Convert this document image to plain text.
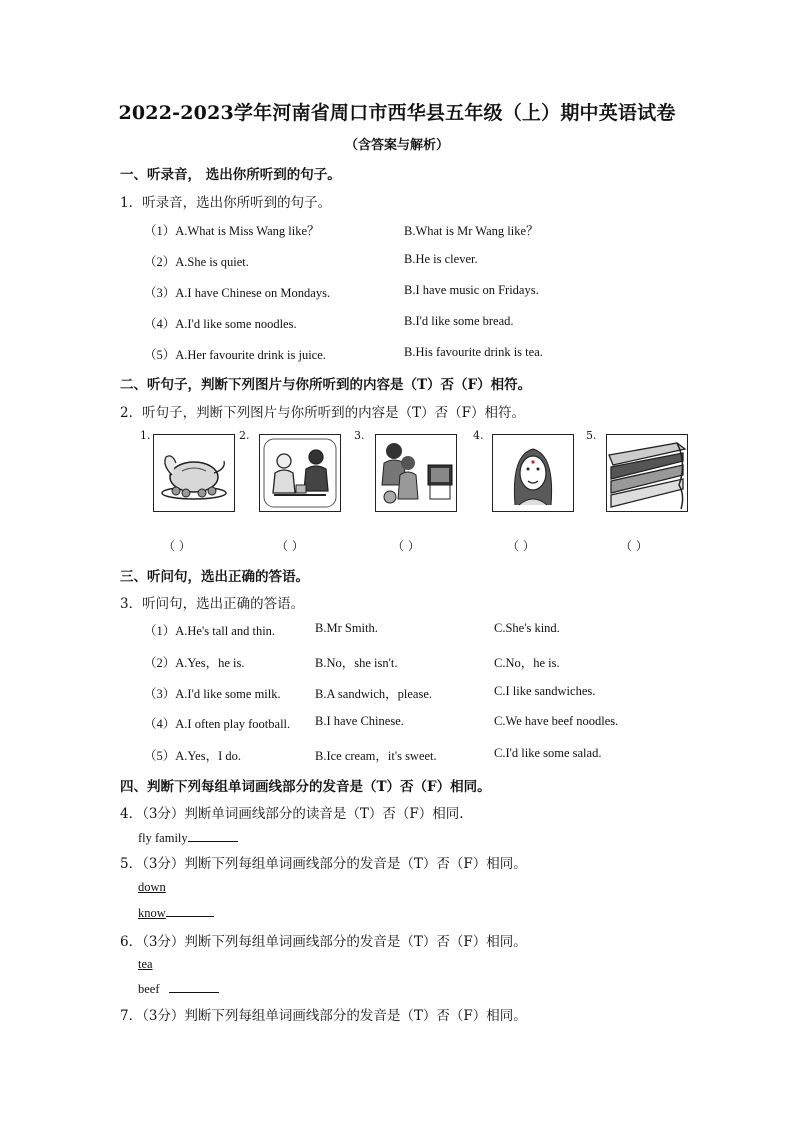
2022-2023学年河南省周口市西华县五年级（上）期中英语试卷
（含答案与解析）
一、听录音， 选出你所听到的句子。
1．听录音，选出你所听到的句子。
（1）A.What is Miss Wang like？	B.What is Mr Wang like？
（2）A.She is quiet.	B.He is clever.
（3）A.I have Chinese on Mondays.	B.I have music on Fridays.
（4）A.I'd like some noodles.	B.I'd like some bread.
（5）A.Her favourite drink is juice.	B.His favourite drink is tea.
二、听句子，判断下列图片与你所听到的内容是（T）否（F）相符。
2．听句子，判断下列图片与你所听到的内容是（T）否（F）相符。
1.	2.	3.	4.	5.
（ ）	（ ）	（ ）	（ ）	（ ）
三、听问句，选出正确的答语。
3．听问句，选出正确的答语。
（1）A.He's tall and thin.	B.Mr Smith.	C.She's kind.
（2）A.Yes，he is.	B.No，she isn't.	C.No，he is.
（3）A.I'd like some milk.	B.A sandwich，please.	C.I like sandwiches.
（4）A.I often play football. B.I have Chinese.	C.We have beef noodles.
（5）A.Yes，I do.	B.Ice cream，it's sweet.	C.I'd like some salad.
四、判断下列每组单词画线部分的发音是（T）否（F）相同。
4．（3分）判断单词画线部分的读音是（T）否（F）相同.
fly family
5．（3分）判断下列每组单词画线部分的发音是（T）否（F）相同。
down
know
6．（3分）判断下列每组单词画线部分的发音是（T）否（F）相同。
tea
beef
7．（3分）判断下列每组单词画线部分的发音是（T）否（F）相同。
